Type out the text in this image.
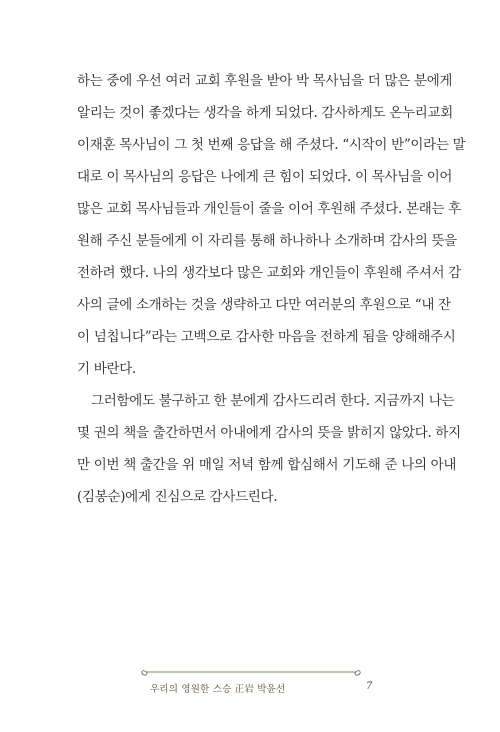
하는 중에 우선 여러 교회 후원을 받아 박 목사님을 더 많은 분에게
알리는 것이 좋겠다는 생각을 하게 되었다. 감사하게도 온누리교회
이재훈 목사님이 그 첫 번째 응답을 해 주셨다. “시작이 반”이라는 말
대로 이 목사님의 응답은 나에게 큰 힘이 되었다. 이 목사님을 이어
많은 교회 목사님들과 개인들이 줄을 이어 후원해 주셨다. 본래는 후
원해 주신 분들에게 이 자리를 통해 하나하나 소개하며 감사의 뜻을
전하려 했다. 나의 생각보다 많은 교회와 개인들이 후원해 주셔서 감
사의 글에 소개하는 것을 생략하고 다만 여러분의 후원으로 “내 잔
이 넘칩니다”라는 고백으로 감사한 마음을 전하게 됨을 양해해주시
기 바란다.
그러함에도 불구하고 한 분에게 감사드리려 한다. 지금까지 나는
몇 권의 책을 출간하면서 아내에게 감사의 뜻을 밝히지 않았다. 하지
만 이번 책 출간을 위 매일 저녁 함께 합심해서 기도해 준 나의 아내
(김봉순)에게 진심으로 감사드린다.
우리의 영원한 스승 正岩 박윤선	7
